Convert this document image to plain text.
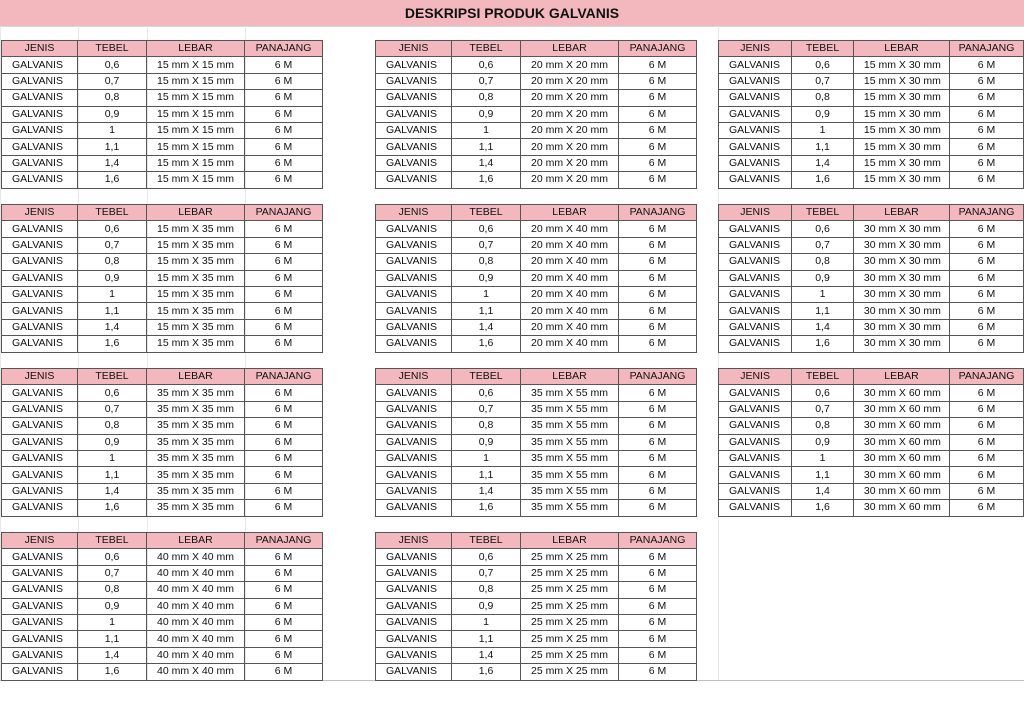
DESKRIPSI PRODUK GALVANIS
JENIS	TEBEL	LEBAR	PANAJANG
GALVANIS	0,6	15 mm X 15 mm	6 M
GALVANIS	0,7	15 mm X 15 mm	6 M
GALVANIS	0,8	15 mm X 15 mm	6 M
GALVANIS	0,9	15 mm X 15 mm	6 M
GALVANIS	1	15 mm X 15 mm	6 M
GALVANIS	1,1	15 mm X 15 mm	6 M
GALVANIS	1,4	15 mm X 15 mm	6 M
GALVANIS	1,6	15 mm X 15 mm	6 M
JENIS	TEBEL	LEBAR	PANAJANG
GALVANIS	0,6	20 mm X 20 mm	6 M
GALVANIS	0,7	20 mm X 20 mm	6 M
GALVANIS	0,8	20 mm X 20 mm	6 M
GALVANIS	0,9	20 mm X 20 mm	6 M
GALVANIS	1	20 mm X 20 mm	6 M
GALVANIS	1,1	20 mm X 20 mm	6 M
GALVANIS	1,4	20 mm X 20 mm	6 M
GALVANIS	1,6	20 mm X 20 mm	6 M
JENIS	TEBEL	LEBAR	PANAJANG
GALVANIS	0,6	15 mm X 30 mm	6 M
GALVANIS	0,7	15 mm X 30 mm	6 M
GALVANIS	0,8	15 mm X 30 mm	6 M
GALVANIS	0,9	15 mm X 30 mm	6 M
GALVANIS	1	15 mm X 30 mm	6 M
GALVANIS	1,1	15 mm X 30 mm	6 M
GALVANIS	1,4	15 mm X 30 mm	6 M
GALVANIS	1,6	15 mm X 30 mm	6 M
JENIS	TEBEL	LEBAR	PANAJANG
GALVANIS	0,6	15 mm X 35 mm	6 M
GALVANIS	0,7	15 mm X 35 mm	6 M
GALVANIS	0,8	15 mm X 35 mm	6 M
GALVANIS	0,9	15 mm X 35 mm	6 M
GALVANIS	1	15 mm X 35 mm	6 M
GALVANIS	1,1	15 mm X 35 mm	6 M
GALVANIS	1,4	15 mm X 35 mm	6 M
GALVANIS	1,6	15 mm X 35 mm	6 M
JENIS	TEBEL	LEBAR	PANAJANG
GALVANIS	0,6	20 mm X 40 mm	6 M
GALVANIS	0,7	20 mm X 40 mm	6 M
GALVANIS	0,8	20 mm X 40 mm	6 M
GALVANIS	0,9	20 mm X 40 mm	6 M
GALVANIS	1	20 mm X 40 mm	6 M
GALVANIS	1,1	20 mm X 40 mm	6 M
GALVANIS	1,4	20 mm X 40 mm	6 M
GALVANIS	1,6	20 mm X 40 mm	6 M
JENIS	TEBEL	LEBAR	PANAJANG
GALVANIS	0,6	30 mm X 30 mm	6 M
GALVANIS	0,7	30 mm X 30 mm	6 M
GALVANIS	0,8	30 mm X 30 mm	6 M
GALVANIS	0,9	30 mm X 30 mm	6 M
GALVANIS	1	30 mm X 30 mm	6 M
GALVANIS	1,1	30 mm X 30 mm	6 M
GALVANIS	1,4	30 mm X 30 mm	6 M
GALVANIS	1,6	30 mm X 30 mm	6 M
JENIS	TEBEL	LEBAR	PANAJANG
GALVANIS	0,6	35 mm X 35 mm	6 M
GALVANIS	0,7	35 mm X 35 mm	6 M
GALVANIS	0,8	35 mm X 35 mm	6 M
GALVANIS	0,9	35 mm X 35 mm	6 M
GALVANIS	1	35 mm X 35 mm	6 M
GALVANIS	1,1	35 mm X 35 mm	6 M
GALVANIS	1,4	35 mm X 35 mm	6 M
GALVANIS	1,6	35 mm X 35 mm	6 M
JENIS	TEBEL	LEBAR	PANAJANG
GALVANIS	0,6	35 mm X 55 mm	6 M
GALVANIS	0,7	35 mm X 55 mm	6 M
GALVANIS	0,8	35 mm X 55 mm	6 M
GALVANIS	0,9	35 mm X 55 mm	6 M
GALVANIS	1	35 mm X 55 mm	6 M
GALVANIS	1,1	35 mm X 55 mm	6 M
GALVANIS	1,4	35 mm X 55 mm	6 M
GALVANIS	1,6	35 mm X 55 mm	6 M
JENIS	TEBEL	LEBAR	PANAJANG
GALVANIS	0,6	30 mm X 60 mm	6 M
GALVANIS	0,7	30 mm X 60 mm	6 M
GALVANIS	0,8	30 mm X 60 mm	6 M
GALVANIS	0,9	30 mm X 60 mm	6 M
GALVANIS	1	30 mm X 60 mm	6 M
GALVANIS	1,1	30 mm X 60 mm	6 M
GALVANIS	1,4	30 mm X 60 mm	6 M
GALVANIS	1,6	30 mm X 60 mm	6 M
JENIS	TEBEL	LEBAR	PANAJANG
GALVANIS	0,6	40 mm X 40 mm	6 M
GALVANIS	0,7	40 mm X 40 mm	6 M
GALVANIS	0,8	40 mm X 40 mm	6 M
GALVANIS	0,9	40 mm X 40 mm	6 M
GALVANIS	1	40 mm X 40 mm	6 M
GALVANIS	1,1	40 mm X 40 mm	6 M
GALVANIS	1,4	40 mm X 40 mm	6 M
GALVANIS	1,6	40 mm X 40 mm	6 M
JENIS	TEBEL	LEBAR	PANAJANG
GALVANIS	0,6	25 mm X 25 mm	6 M
GALVANIS	0,7	25 mm X 25 mm	6 M
GALVANIS	0,8	25 mm X 25 mm	6 M
GALVANIS	0,9	25 mm X 25 mm	6 M
GALVANIS	1	25 mm X 25 mm	6 M
GALVANIS	1,1	25 mm X 25 mm	6 M
GALVANIS	1,4	25 mm X 25 mm	6 M
GALVANIS	1,6	25 mm X 25 mm	6 M
